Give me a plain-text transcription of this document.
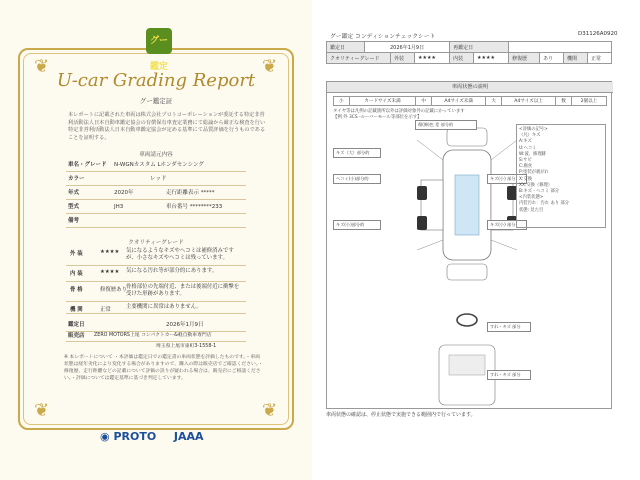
❦	❦
❦	❦
グー鑑定
U-car Grading Report
グー鑑定証
本レポートに記載された車両は株式会社プロトコーポレーションが委託する特定非営利活動法人日本自動車鑑定協会の有償保有車査定業務にて総論から厳正な検査を行い特定非営利活動法人日本自動車鑑定協会が定める基準にて品質評価を行うものであることを証明する。
車両請元内容
車名・グレード N-WGNカスタム Lホンダセンシング
カラー	レッド
年式	2020年	走行距離表示 *****
型式	JH3	車台番号 ********233
備考
クオリティーグレード
外 装	★★★★ 気になるようなキズやヘコミは補修済みですが、小さなキズやヘコミは残っています。
内 装	★★★★ 気になる汚れ等が部分的にあります。
骨 格	修復歴あり 骨格部位の先端付近、または後端付近に衝撃を受けた形跡があります。
機 関	正常	主要機関に異常はありません。
鑑定日	2026年1月9日
販売店 ZERO MOTORS上尾 コンパクトカー&軽自動車専門店
埼玉県上尾市東町3-1558-1
※ 本レポートについて ・本評価は鑑定日での鑑定書の車両状態を評価したものです。・車両状態は経年劣化により変化する場合がありますので、購入の際は販売店でご確認ください。・修復歴、走行距離などの記載について評価の誤りが疑われる場合は、販売店にご相談ください。・評価については鑑定基準に基づき判定しています。
◉ PROTO JAAA
グー鑑定 コンディションチェックシート	D31126A0920
鑑定日	2026年1月9日			再鑑定日					
クオリティーグレード		外装	★★★★	内装	★★★★	修復歴	あり	機関	正常
車両状態の説明
小	カードサイズ未満	中	A4サイズ未満	大	A4サイズ以上	数	2個以上
タイヤ等は凡例の記載箇所以外は評価対象外の記載にかっています
【例 外 3CS -ルーバーモール等部位を示す】
傷(修)色 差 部分的
キズ（大）部分的
ヘコミ(小)部分的
キズ(小)部分的
キズ(小) 部分
キズ(小) 部分
すれ・キズ 部分
すれ・キズ 部分
<評価の記号>
（凡）キズ
A:キズ
U:ヘコミ
W:波、修理跡
S:サビ
C:腐食
P:塗装が剥がれ
X:交換
XX:交換（修理）
B:キズ・ヘコミ 部分
<内装状態>
内装汚れ：汚れ あり 部分
状態: 見た目
車両状態の確認は、停止状態で実施できる範囲内で行っています。
